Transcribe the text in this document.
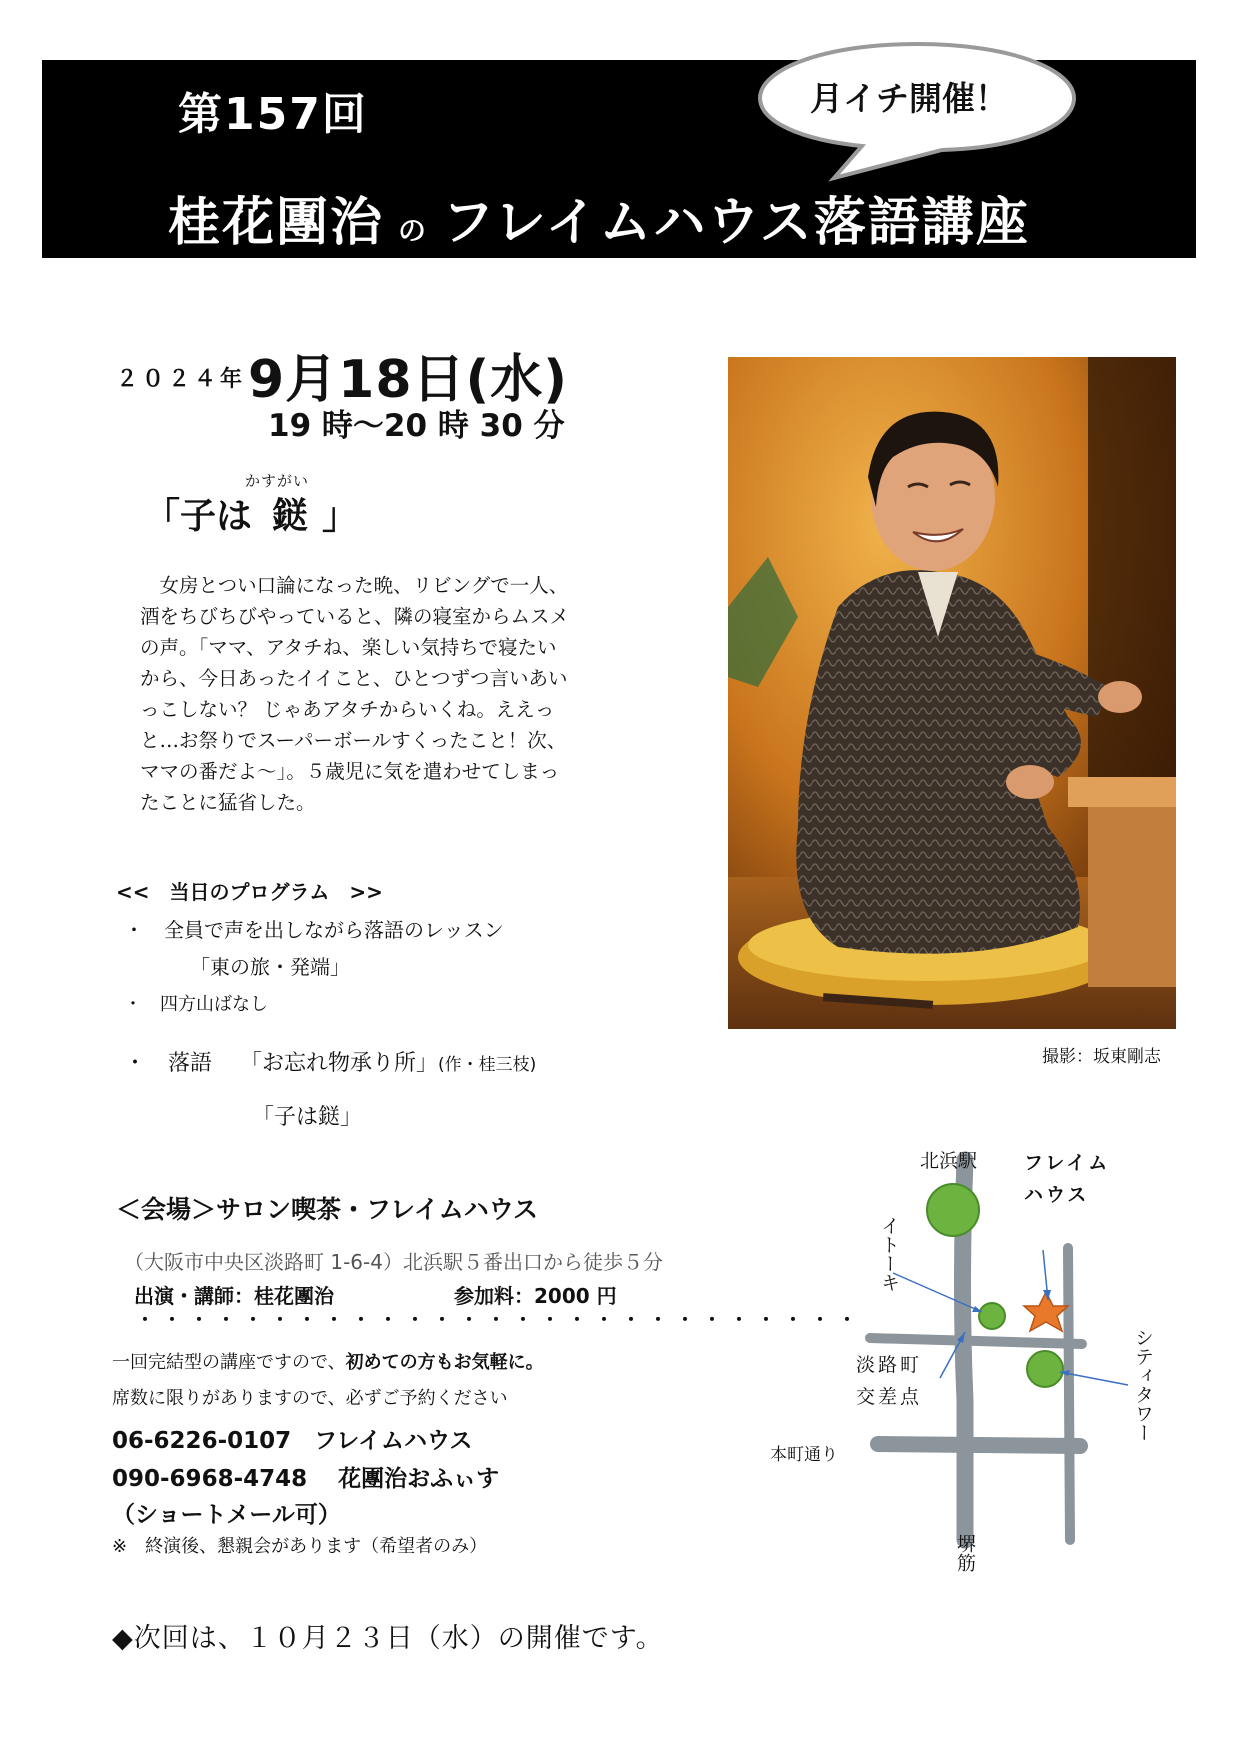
第157回
桂花團治 の フレイムハウス落語講座
月イチ開催！
２０２４年 9月18日(水)
19 時〜20 時 30 分
かすがい
「子は 鎹 」
　女房とつい口論になった晩、リビングで一人、
酒をちびちびやっていると、隣の寝室からムスメ
の声。「ママ、アタチね、楽しい気持ちで寝たい
から、今日あったイイこと、ひとつずつ言いあい
っこしない？ じゃあアタチからいくね。ええっ
と…お祭りでスーパーボールすくったこと！次、
ママの番だよ〜」。５歳児に気を遣わせてしまっ
たことに猛省した。
<<　当日のプログラム　>>
・　全員で声を出しながら落語のレッスン
「東の旅・発端」
・　四方山ばなし
・　落語 「お忘れ物承り所」(作・桂三枝)
「子は鎹」
＜会場＞サロン喫茶・フレイムハウス
（大阪市中央区淡路町 1-6-4）北浜駅５番出口から徒歩５分
出演・講師：桂花團治	参加料：2000 円
・・・・・・・・・・・・・・・・・・・・・・・・・・・
一回完結型の講座ですので、初めての方もお気軽に。
席数に限りがありますので、必ずご予約ください
06-6226-0107　フレイムハウス
090-6968-4748　 花團治おふぃす
（ショートメール可）
※　終演後、懇親会があります（希望者のみ）
◆次回は、１０月２３日（水）の開催です。
撮影：坂東剛志
北浜駅 フレイム
ハウス
イトーキ
淡路町
交差点	シティタワー
本町通り
堺筋
